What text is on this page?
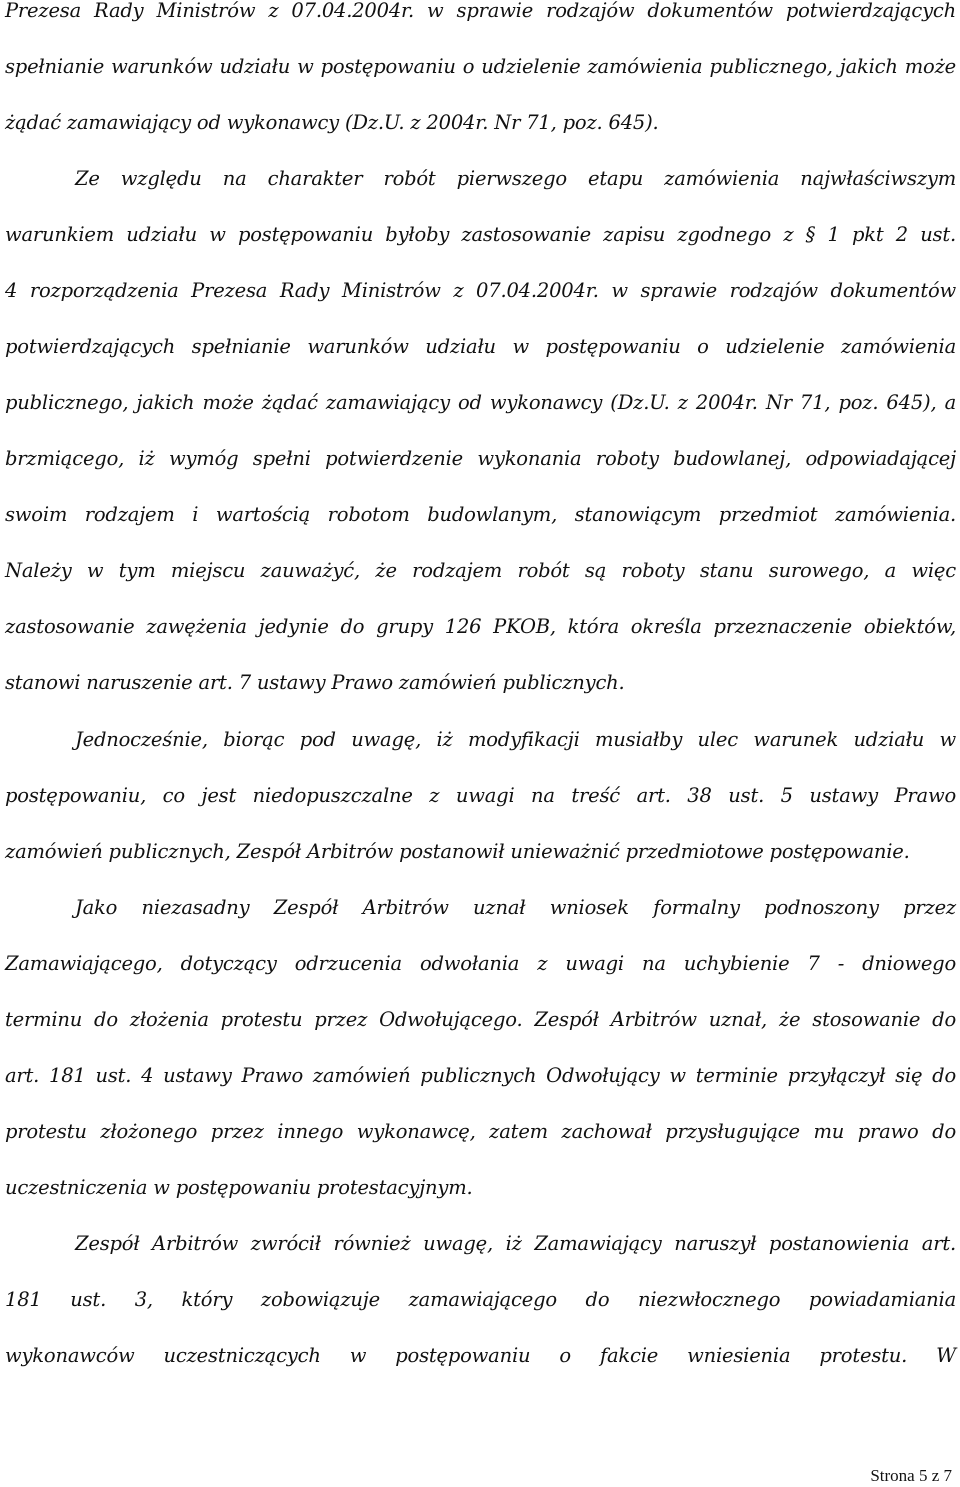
Prezesa Rady Ministrów z 07.04.2004r. w sprawie rodzajów dokumentów potwierdzających
spełnianie warunków udziału w postępowaniu o udzielenie zamówienia publicznego, jakich może
żądać zamawiający od wykonawcy (Dz.U. z 2004r. Nr 71, poz. 645).
Ze względu na charakter robót pierwszego etapu zamówienia najwłaściwszym
warunkiem udziału w postępowaniu byłoby zastosowanie zapisu zgodnego z § 1 pkt 2 ust.
4 rozporządzenia Prezesa Rady Ministrów z 07.04.2004r. w sprawie rodzajów dokumentów
potwierdzających spełnianie warunków udziału w postępowaniu o udzielenie zamówienia
publicznego, jakich może żądać zamawiający od wykonawcy (Dz.U. z 2004r. Nr 71, poz. 645), a
brzmiącego, iż wymóg spełni potwierdzenie wykonania roboty budowlanej, odpowiadającej
swoim rodzajem i wartością robotom budowlanym, stanowiącym przedmiot zamówienia.
Należy w tym miejscu zauważyć, że rodzajem robót są roboty stanu surowego, a więc
zastosowanie zawężenia jedynie do grupy 126 PKOB, która określa przeznaczenie obiektów,
stanowi naruszenie art. 7 ustawy Prawo zamówień publicznych.
Jednocześnie, biorąc pod uwagę, iż modyfikacji musiałby ulec warunek udziału w
postępowaniu, co jest niedopuszczalne z uwagi na treść art. 38 ust. 5 ustawy Prawo
zamówień publicznych, Zespół Arbitrów postanowił unieważnić przedmiotowe postępowanie.
Jako niezasadny Zespół Arbitrów uznał wniosek formalny podnoszony przez
Zamawiającego, dotyczący odrzucenia odwołania z uwagi na uchybienie 7 - dniowego
terminu do złożenia protestu przez Odwołującego. Zespół Arbitrów uznał, że stosowanie do
art. 181 ust. 4 ustawy Prawo zamówień publicznych Odwołujący w terminie przyłączył się do
protestu złożonego przez innego wykonawcę, zatem zachował przysługujące mu prawo do
uczestniczenia w postępowaniu protestacyjnym.
Zespół Arbitrów zwrócił również uwagę, iż Zamawiający naruszył postanowienia art.
181 ust. 3, który zobowiązuje zamawiającego do niezwłocznego powiadamiania
wykonawców uczestniczących w postępowaniu o fakcie wniesienia protestu. W
Strona 5 z 7
